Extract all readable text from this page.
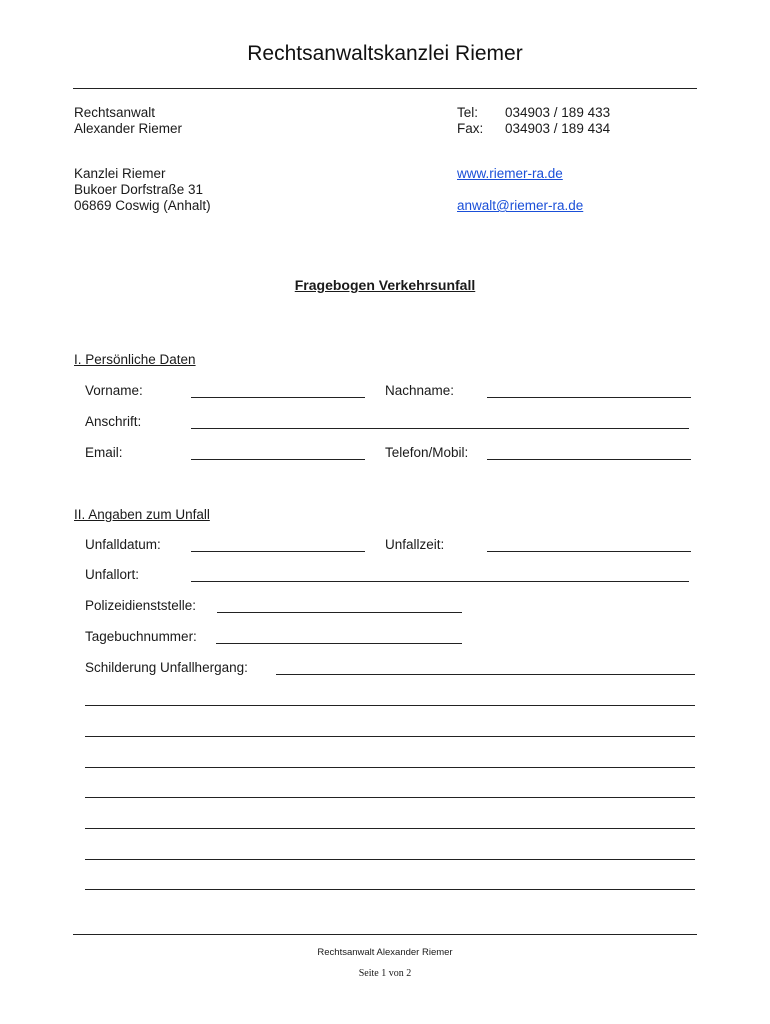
Rechtsanwaltskanzlei Riemer
Rechtsanwalt
Alexander Riemer
Tel: 034903 / 189 433
Fax: 034903 / 189 434
Kanzlei Riemer
Bukoer Dorfstraße 31
06869 Coswig (Anhalt)
www.riemer-ra.de
anwalt@riemer-ra.de
Fragebogen Verkehrsunfall
I. Persönliche Daten
Vorname:	Nachname:
Anschrift:
Email:	Telefon/Mobil:
II. Angaben zum Unfall
Unfalldatum:	Unfallzeit:
Unfallort:
Polizeidienststelle:
Tagebuchnummer:
Schilderung Unfallhergang:
Rechtsanwalt Alexander Riemer
Seite 1 von 2
